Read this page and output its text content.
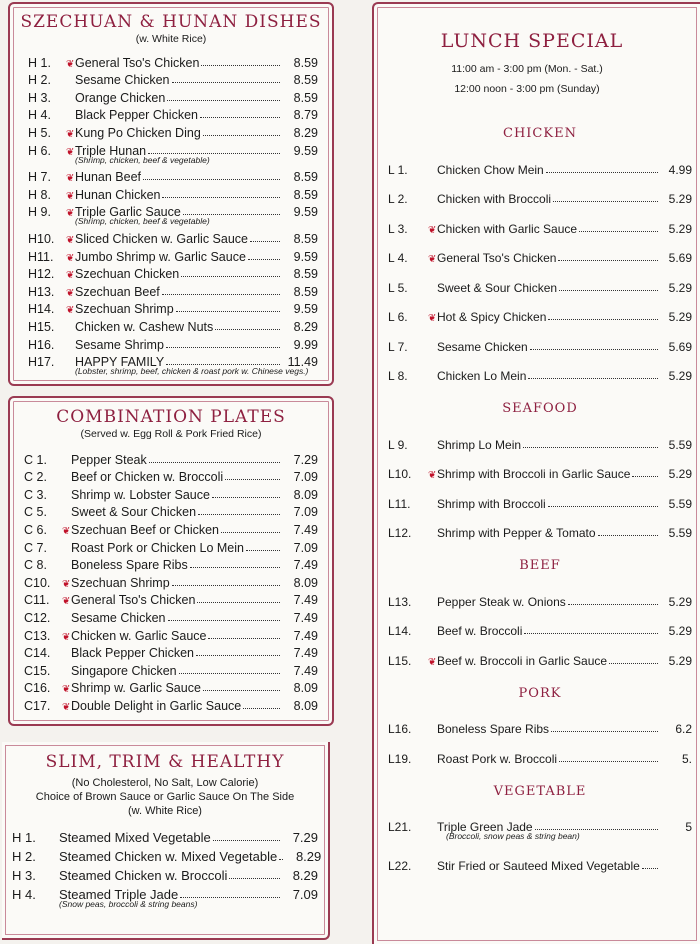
SZECHUAN & HUNAN DISHES
(w. White Rice)
H 1.	❦ General Tso's Chicken	8.59
H 2.	Sesame Chicken	8.59
H 3.	Orange Chicken	8.59
H 4.	Black Pepper Chicken	8.79
H 5.	❦ Kung Po Chicken Ding	8.29
H 6.	❦ Triple Hunan	9.59
(Shrimp, chicken, beef & vegetable)
H 7.	❦ Hunan Beef	8.59
H 8.	❦ Hunan Chicken	8.59
H 9.	❦ Triple Garlic Sauce	9.59
(Shrimp, chicken, beef & vegetable)
H10.	❦ Sliced Chicken w. Garlic Sauce	8.59
H11.	❦ Jumbo Shrimp w. Garlic Sauce	9.59
H12.	❦ Szechuan Chicken	8.59
H13.	❦ Szechuan Beef	8.59
H14.	❦ Szechuan Shrimp	9.59
H15.	Chicken w. Cashew Nuts	8.29
H16.	Sesame Shrimp	9.99
H17.	HAPPY FAMILY	11.49
(Lobster, shrimp, beef, chicken & roast pork w. Chinese vegs.)
COMBINATION PLATES
(Served w. Egg Roll & Pork Fried Rice)
C 1.	Pepper Steak	7.29
C 2.	Beef or Chicken w. Broccoli	7.09
C 3.	Shrimp w. Lobster Sauce	8.09
C 5.	Sweet & Sour Chicken	7.09
C 6.	❦ Szechuan Beef or Chicken	7.49
C 7.	Roast Pork or Chicken Lo Mein	7.09
C 8.	Boneless Spare Ribs	7.49
C10.	❦ Szechuan Shrimp	8.09
C11.	❦ General Tso's Chicken	7.49
C12.	Sesame Chicken	7.49
C13.	❦ Chicken w. Garlic Sauce	7.49
C14.	Black Pepper Chicken	7.49
C15.	Singapore Chicken	7.49
C16.	❦ Shrimp w. Garlic Sauce	8.09
C17.	❦ Double Delight in Garlic Sauce	8.09
SLIM, TRIM & HEALTHY
(No Cholesterol, No Salt, Low Calorie)
Choice of Brown Sauce or Garlic Sauce On The Side
(w. White Rice)
H 1.	Steamed Mixed Vegetable	7.29
H 2.	Steamed Chicken w. Mixed Vegetable	8.29
H 3.	Steamed Chicken w. Broccoli	8.29
H 4.	Steamed Triple Jade	7.09
(Snow peas, broccoli & string beans)
LUNCH SPECIAL
11:00 am - 3:00 pm (Mon. - Sat.)
12:00 noon - 3:00 pm (Sunday)
CHICKEN
L 1.	Chicken Chow Mein	4.99
L 2.	Chicken with Broccoli	5.29
L 3.	❦ Chicken with Garlic Sauce	5.29
L 4.	❦ General Tso's Chicken	5.69
L 5.	Sweet & Sour Chicken	5.29
L 6.	❦ Hot & Spicy Chicken	5.29
L 7.	Sesame Chicken	5.69
L 8.	Chicken Lo Mein	5.29
SEAFOOD
L 9.	Shrimp Lo Mein	5.59
L10.	❦ Shrimp with Broccoli in Garlic Sauce	5.29
L11.	Shrimp with Broccoli	5.59
L12.	Shrimp with Pepper & Tomato	5.59
BEEF
L13.	Pepper Steak w. Onions	5.29
L14.	Beef w. Broccoli	5.29
L15.	❦ Beef w. Broccoli in Garlic Sauce	5.29
PORK
L16.	Boneless Spare Ribs	6.2
L19.	Roast Pork w. Broccoli	5.
VEGETABLE
L21.	Triple Green Jade	5
(Broccoli, snow peas & string bean)
L22.	Stir Fried or Sauteed Mixed Vegetable
